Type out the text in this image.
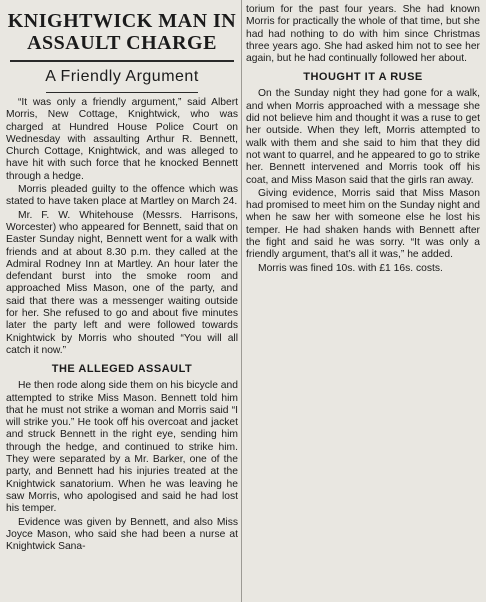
KNIGHTWICK MAN IN ASSAULT CHARGE
A Friendly Argument

“It was only a friendly argument,” said Albert Morris, New Cottage, Knightwick, who was charged at Hundred House Police Court on Wednesday with assaulting Arthur R. Bennett, Church Cottage, Knightwick, and was alleged to have hit with such force that he knocked Bennett through a hedge.

Morris pleaded guilty to the offence which was stated to have taken place at Martley on March 24.

Mr. F. W. Whitehouse (Messrs. Harrisons, Worcester) who appeared for Bennett, said that on Easter Sunday night, Bennett went for a walk with friends and at about 8.30 p.m. they called at the Admiral Rodney Inn at Martley. An hour later the defendant burst into the smoke room and approached Miss Mason, one of the party, and said that there was a messenger waiting outside for her. She refused to go and about five minutes later the party left and were followed towards Knightwick by Morris who shouted “You will all catch it now.”

THE ALLEGED ASSAULT

He then rode along side them on his bicycle and attempted to strike Miss Mason. Bennett told him that he must not strike a woman and Morris said “I will strike you.” He took off his overcoat and jacket and struck Bennett in the right eye, sending him through the hedge, and continued to strike him. They were separated by a Mr. Barker, one of the party, and Bennett had his injuries treated at the Knightwick sanatorium. When he was leaving he saw Morris, who apologised and said he had lost his temper.

Evidence was given by Bennett, and also Miss Joyce Mason, who said she had been a nurse at Knightwick Sana-

torium for the past four years. She had known Morris for practically the whole of that time, but she had had nothing to do with him since Christmas three years ago. She had asked him not to see her again, but he had continually followed her about.

THOUGHT IT A RUSE

On the Sunday night they had gone for a walk, and when Morris approached with a message she did not believe him and thought it was a ruse to get her outside. When they left, Morris attempted to walk with them and she said to him that they did not want to quarrel, and he appeared to go to strike her. Bennett intervened and Morris took off his coat, and Miss Mason said that the girls ran away.

Giving evidence, Morris said that Miss Mason had promised to meet him on the Sunday night and when he saw her with someone else he lost his temper. He had shaken hands with Bennett after the fight and said he was sorry. “It was only a friendly argument, that’s all it was,” he added.

Morris was fined 10s. with £1 16s. costs.
